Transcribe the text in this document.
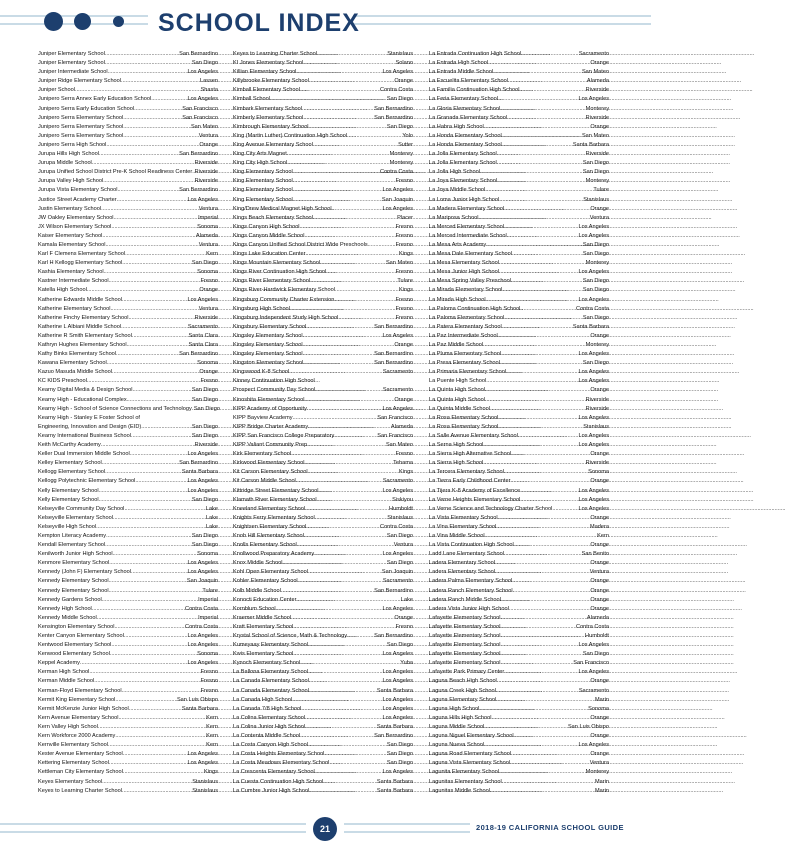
SCHOOL INDEX
Juniper Elementary School .....	San Bernardino
Juniper Elementary School .....	San Diego
Juniper Intermediate School .....	Los Angeles
Juniper Ridge Elementary School .....	Lassen
Juniper School .....	Shasta
Junipero Serra Annex Early Education School .....	Los Angeles
Junipero Serra Early Education School .....	San Francisco
Junipero Serra Elementary School .....	San Francisco
Junipero Serra Elementary School .....	San Mateo
Junipero Serra Elementary School .....	Ventura
Junipero Serra High School .....	Orange
Jurupa Hills High School .....	San Bernardino
Jurupa Middle School .....	Riverside
Jurupa Unified School District Pre-K School Readiness Center ..... Riverside
Jurupa Valley High School .....	Riverside
Jurupa Vista Elementary School .....	San Bernardino
Justice Street Academy Charter .....	Los Angeles
Justin Elementary School .....	Ventura
JW Oakley Elementary School .....	Imperial
JX Wilson Elementary School .....	Sonoma
Kaiser Elementary School .....	Alameda
Kamala Elementary School .....	Ventura
Karl F Clemens Elementary School .....	Kern
Karl H Kellogg Elementary School .....	San Diego
Kashia Elementary School .....	Sonoma
Kastner Intermediate School .....	Fresno
Katella High School .....	Orange
Katherine Edwards Middle School .....	Los Angeles
Katherine Elementary School .....	Ventura
Katherine Finchy Elementary School .....	Riverside
Katherine L Albiani Middle School .....	Sacramento
Katherine R Smith Elementary School .....	Santa Clara
Kathryn Hughes Elementary School .....	Santa Clara
Kathy Binks Elementary School .....	San Bernardino
Kawana Elementary School .....	Sonoma
Kazuo Masuda Middle School .....	Orange
KC KIDS Preschool .....	Fresno
Kearny Digital Media & Design School .....	San Diego
Kearny High - Educational Complex .....	San Diego
Kearny High - School of Science Connections and Technology ..... San Diego
Kearny High - Stanley E Foster School of
Engineering, Innovation and Design (EID) .....	San Diego
Kearny International Business School .....	San Diego
Keith McCarthy Academy .....	Riverside
Keller Dual Immersion Middle School .....	Los Angeles
Kelley Elementary School .....	San Bernardino
Kellogg Elementary School .....	Santa Barbara
Kellogg Polytechnic Elementary School .....	Los Angeles
Kelly Elementary School .....	Los Angeles
Kelly Elementary School .....	San Diego
Kelseyville Community Day School .....	Lake
Kelseyville Elementary School .....	Lake
Kelseyville High School .....	Lake
Kempton Literacy Academy .....	San Diego
Kendall Elementary School .....	San Diego
Kenilworth Junior High School .....	Sonoma
Kenmore Elementary School .....	Los Angeles
Kennedy (John F) Elementary School .....	Los Angeles
Kennedy Elementary School .....	San Joaquin
Kennedy Elementary School .....	Tulare
Kennedy Gardens School .....	Imperial
Kennedy High School .....	Contra Costa
Kennedy Middle School .....	Imperial
Kensington Elementary School .....	Contra Costa
Kenter Canyon Elementary School .....	Los Angeles
Kentwood Elementary School .....	Los Angeles
Kenwood Elementary School .....	Sonoma
Keppel Academy .....	Los Angeles
Kerman High School .....	Fresno
Kerman Middle School .....	Fresno
Kerman-Floyd Elementary School .....	Fresno
Kermit King Elementary School .....	San Luis Obispo
Kermit McKenzie Junior High School .....	Santa Barbara
Kern Avenue Elementary School .....	Kern
Kern Valley High School .....	Kern
Kern Workforce 2000 Academy .....	Kern
Kernville Elementary School .....	Kern
Kester Avenue Elementary School .....	Los Angeles
Kettering Elementary School .....	Los Angeles
Kettleman City Elementary School .....	Kings
Keyes Elementary School .....	Stanislaus
Keyes to Learning Charter School .....	Stanislaus
Keyes to Learning Charter School .....	Stanislaus
KI Jones Elementary School .....	Solano
Killian Elementary School .....	Los Angeles
Killybrooke Elementary School .....	Orange
Kimball Elementary School .....	Contra Costa
Kimball School .....	San Diego
Kimbark Elementary School .....	San Bernardino
Kimberly Elementary School .....	San Bernardino
Kimbrough Elementary School .....	San Diego
King (Martin Luther) Continuation High School .....	Yolo
King Avenue Elementary School .....	Sutter
King City Arts Magnet .....	Monterey
King City High School .....	Monterey
King Elementary School .....	Contra Costa
King Elementary School .....	Fresno
King Elementary School .....	Los Angeles
King Elementary School .....	San Joaquin
King/Drew Medical Magnet High School .....	Los Angeles
Kings Beach Elementary School .....	Placer
Kings Canyon High School .....	Fresno
Kings Canyon Middle School .....	Fresno
Kings Canyon Unified School District Wide Preschools .....	Fresno
Kings Lake Education Center .....	Kings
Kings Mountain Elementary School .....	San Mateo
Kings River Continuation High School .....	Fresno
Kings River Elementary School .....	Tulare
Kings River-Hardwick Elementary School .....	Kings
Kingsburg Community Charter Extension .....	Fresno
Kingsburg High School .....	Fresno
Kingsburg Independent Study High School .....	Fresno
Kingsbury Elementary School .....	San Bernardino
Kingsley Elementary School .....	Los Angeles
Kingsley Elementary School .....	Orange
Kingsley Elementary School .....	San Bernardino
Kingston Elementary School .....	San Bernardino
Kingswood K-8 School .....	Sacramento
Kinney Continuation High School
Prospect Community Day School .....	Sacramento
Kinoshita Elementary School .....	Orange
KIPP Academy of Opportunity .....	Los Angeles
KIPP Bayview Academy .....	San Francisco
KIPP Bridge Charter Academy .....	Alameda
KIPP San Francisco College Preparatory .....	San Francisco
KIPP Valiant Community Prep .....	San Mateo
Kirk Elementary School .....	Fresno
Kirkwood Elementary School .....	Tehama
Kit Carson Elementary School .....	Kings
Kit Carson Middle School .....	Sacramento
Kittridge Street Elementary School .....	Los Angeles
Klamath River Elementary School .....	Siskiyou
Kneeland Elementary School .....	Humboldt
Knights Ferry Elementary School .....	Stanislaus
Knightsen Elementary School .....	Contra Costa
Knob Hill Elementary School .....	San Diego
Knolls Elementary School .....	Ventura
Knollwood Preparatory Academy .....	Los Angeles
Knox Middle School .....	San Diego
Kohl Open Elementary School .....	San Joaquin
Kohler Elementary School .....	Sacramento
Kolb Middle School .....	San Bernardino
Konocti Education Center .....	Lake
Kornblum School .....	Los Angeles
Kraemer Middle School .....	Orange
Kratt Elementary School .....	Fresno
Krystal School of Science, Math & Technology .....	San Bernardino
Kumeyaay Elementary School .....	San Diego
Kwis Elementary School .....	Los Angeles
Kynoch Elementary School .....	Yuba
La Ballona Elementary School .....	Los Angeles
La Canada Elementary School .....	Los Angeles
La Canada Elementary School .....	Santa Barbara
La Canada High School .....	Los Angeles
La Canada 7/8 High School .....	Los Angeles
La Colina Elementary School .....	Los Angeles
La Colina Junior High School .....	Santa Barbara
La Contenta Middle School .....	San Bernardino
La Costa Canyon High School .....	San Diego
La Costa Heights Elementary School .....	San Diego
La Costa Meadows Elementary School .....	San Diego
La Crescenta Elementary School .....	Los Angeles
La Cuesta Continuation High School .....	Santa Barbara
La Cumbre Junior High School .....	Santa Barbara
La Entrada Continuation High School .....	Sacramento
La Entrada High School .....	Orange
La Entrada Middle School .....	San Mateo
La Escuelita Elementary School .....	Alameda
La Familia Continuation High School .....	Riverside
La Feria Elementary School .....	Los Angeles
La Gloria Elementary School .....	Monterey
La Granada Elementary School .....	Riverside
La Habra High School .....	Orange
La Honda Elementary School .....	San Mateo
La Honda Elementary School .....	Santa Barbara
La Jolla Elementary School .....	Riverside
La Jolla Elementary School .....	San Diego
La Jolla High School .....	San Diego
La Joya Elementary School .....	Monterey
La Joya Middle School .....	Tulare
La Loma Junior High School .....	Stanislaus
La Madera Elementary School .....	Orange
La Mariposa School .....	Ventura
La Merced Elementary School .....	Los Angeles
La Merced Intermediate School .....	Los Angeles
La Mesa Arts Academy .....	San Diego
La Mesa Dale Elementary School .....	San Diego
La Mesa Elementary School .....	Monterey
La Mesa Junior High School .....	Los Angeles
La Mesa Spring Valley Preschool .....	San Diego
La Mirada Elementary School .....	San Diego
La Mirada High School .....	Los Angeles
La Paloma Continuation High School .....	Contra Costa
La Paloma Elementary School .....	San Diego
La Patera Elementary School .....	Santa Barbara
La Paz Intermediate School .....	Orange
La Paz Middle School .....	Monterey
La Pluma Elementary School .....	Los Angeles
La Presa Elementary School .....	San Diego
La Primaria Elementary School .....	Los Angeles
La Puente High School .....	Los Angeles
La Quinta High School .....	Orange
La Quinta High School .....	Riverside
La Quinta Middle School .....	Riverside
La Rosa Elementary School .....	Los Angeles
La Rosa Elementary School .....	Stanislaus
La Salle Avenue Elementary School .....	Los Angeles
La Serna High School .....	Los Angeles
La Sierra High Alternative School .....	Orange
La Sierra High School .....	Riverside
La Tercera Elementary School .....	Sonoma
La Tierra Early Childhood Center .....	Orange
La Tijera K-8 Academy of Excellence .....	Los Angeles
La Verne Heights Elementary School .....	Los Angeles
La Verne Science and Technology Charter School .....	Los Angeles
La Vista Elementary School .....	Orange
La Vina Elementary School .....	Madera
La Vina Middle School .....	Kern
La Vista Continuation High School .....	Orange
Ladd Lane Elementary School .....	San Benito
Ladera Elementary School .....	Orange
Ladera Elementary School .....	Ventura
Ladera Palma Elementary School .....	Orange
Ladera Ranch Elementary School .....	Orange
Ladera Ranch Middle School .....	Orange
Ladera Vista Junior High School .....	Orange
Lafayette Elementary School .....	Alameda
Lafayette Elementary School .....	Contra Costa
Lafayette Elementary School .....	Humboldt
Lafayette Elementary School .....	Los Angeles
Lafayette Elementary School .....	San Diego
Lafayette Elementary School .....	San Francisco
Lafayette Park Primary Center .....	Los Angeles
Laguna Beach High School .....	Orange
Laguna Creek High School .....	Sacramento
Laguna Elementary School .....	Marin
Laguna High School .....	Sonoma
Laguna Hills High School .....	Orange
Laguna Middle School .....	San Luis Obispo
Laguna Niguel Elementary School .....	Orange
Laguna Nueva School .....	Los Angeles
Laguna Road Elementary School .....	Orange
Laguna Vista Elementary School .....	Ventura
Lagunita Elementary School .....	Monterey
Lagunitas Elementary School .....	Marin
Lagunitas Middle School .....	Marin
21	2018-19 CALIFORNIA SCHOOL GUIDE
